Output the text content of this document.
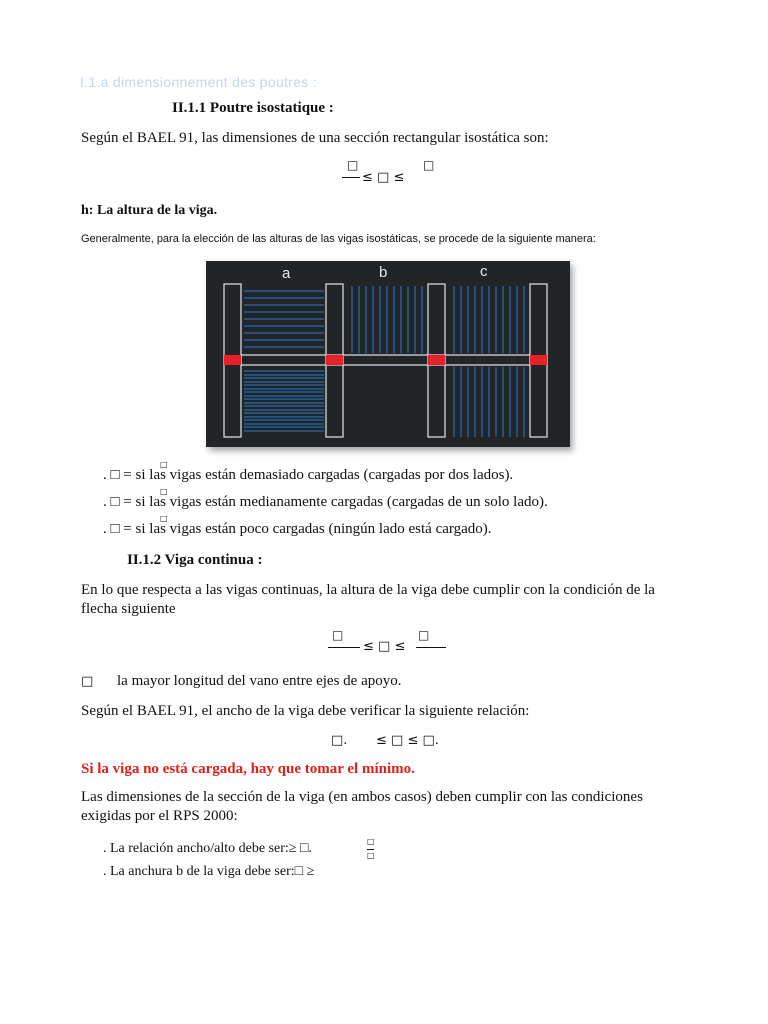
I.1.a dimensionnement des poutres :
II.1.1 Poutre isostatique :
Según el BAEL 91, las dimensiones de una sección rectangular isostática son:
□
≤ □ ≤
□
h: La altura de la viga.
Generalmente, para la elección de las alturas de las vigas isostáticas, se procede de la siguiente manera:
a	b	c
. □ = si las vigas están demasiado cargadas (cargadas por dos lados).
□
. □ = si las vigas están medianamente cargadas (cargadas de un solo lado).
□
. □ = si las vigas están poco cargadas (ningún lado está cargado).
□
II.1.2 Viga continua :
En lo que respecta a las vigas continuas, la altura de la viga debe cumplir con la condición de la
flecha siguiente
□
≤ □ ≤
□
□ la mayor longitud del vano entre ejes de apoyo.
Según el BAEL 91, el ancho de la viga debe verificar la siguiente relación:
□. ≤ □ ≤ □.
Si la viga no está cargada, hay que tomar el mínimo.
Las dimensiones de la sección de la viga (en ambos casos) deben cumplir con las condiciones
exigidas por el RPS 2000:
. La relación ancho/alto debe ser:≥ □.	□
□
. La anchura b de la viga debe ser:□ ≥
